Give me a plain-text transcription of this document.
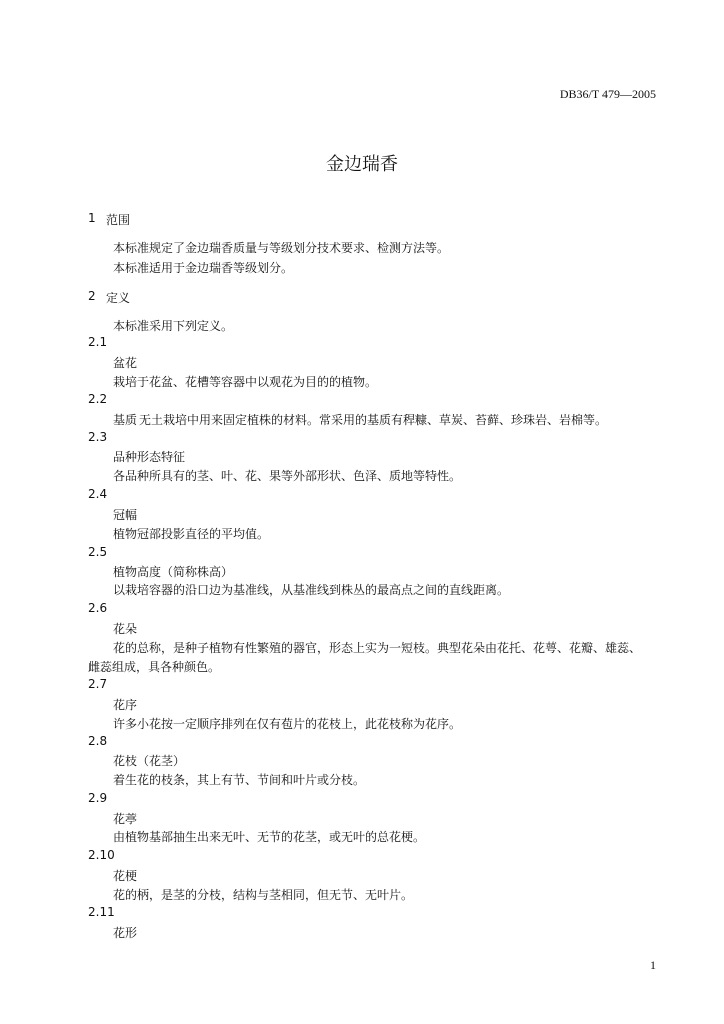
DB36/T 479—2005
金边瑞香
1 范围
本标准规定了金边瑞香质量与等级划分技术要求、检测方法等。
本标准适用于金边瑞香等级划分。
2 定义
本标准采用下列定义。
2.1
盆花
栽培于花盆、花槽等容器中以观花为目的的植物。
2.2
基质 无土栽培中用来固定植株的材料。常采用的基质有稈糠、草炭、苔藓、珍珠岩、岩棉等。
2.3
品种形态特征
各品种所具有的茎、叶、花、果等外部形状、色泽、质地等特性。
2.4
冠幅
植物冠部投影直径的平均值。
2.5
植物高度（简称株高）
以栽培容器的沿口边为基准线，从基准线到株丛的最高点之间的直线距离。
2.6
花朵
花的总称，是种子植物有性繁殖的器官，形态上实为一短枝。典型花朵由花托、花萼、花瓣、雄蕊、
雌蕊组成，具各种颜色。
2.7
花序
许多小花按一定顺序排列在仅有苞片的花枝上，此花枝称为花序。
2.8
花枝（花茎）
着生花的枝条，其上有节、节间和叶片或分枝。
2.9
花葶
由植物基部抽生出来无叶、无节的花茎，或无叶的总花梗。
2.10
花梗
花的柄，是茎的分枝，结构与茎相同，但无节、无叶片。
2.11
花形
1
